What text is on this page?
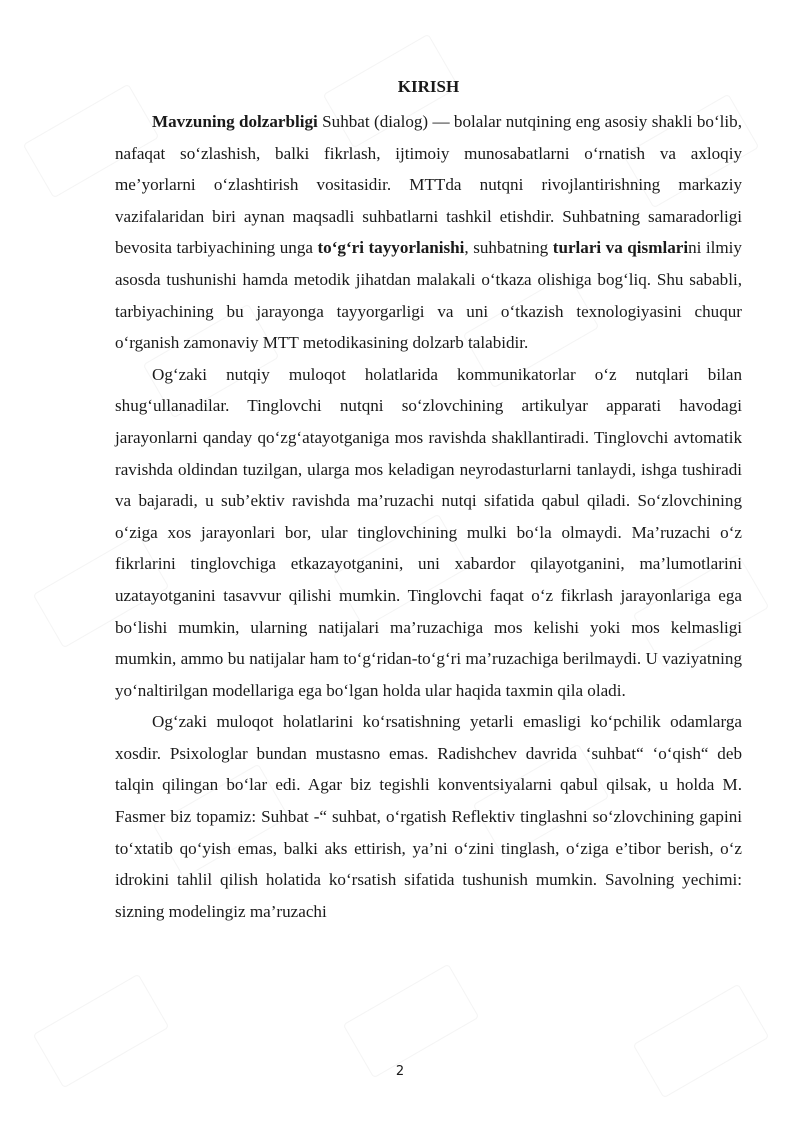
KIRISH

Mavzuning dolzarbligi Suhbat (dialog) — bolalar nutqining eng asosiy shakli bo‘lib, nafaqat so‘zlashish, balki fikrlash, ijtimoiy munosabatlarni o‘rnatish va axloqiy me’yorlarni o‘zlashtirish vositasidir. MTTda nutqni rivojlantirishning markaziy vazifalaridan biri aynan maqsadli suhbatlarni tashkil etishdir. Suhbatning samaradorligi bevosita tarbiyachining unga to‘g‘ri tayyorlanishi, suhbatning turlari va qismlarini ilmiy asosda tushunishi hamda metodik jihatdan malakali o‘tkaza olishiga bog‘liq. Shu sababli, tarbiyachining bu jarayonga tayyorgarligi va uni o‘tkazish texnologiyasini chuqur o‘rganish zamonaviy MTT metodikasining dolzarb talabidir.

Og‘zaki nutqiy muloqot holatlarida kommunikatorlar o‘z nutqlari bilan shug‘ullanadilar. Tinglovchi nutqni so‘zlovchining artikulyar apparati havodagi jarayonlarni qanday qo‘zg‘atayotganiga mos ravishda shakllantiradi. Tinglovchi avtomatik ravishda oldindan tuzilgan, ularga mos keladigan neyrodasturlarni tanlaydi, ishga tushiradi va bajaradi, u sub’ektiv ravishda ma’ruzachi nutqi sifatida qabul qiladi. So‘zlovchining o‘ziga xos jarayonlari bor, ular tinglovchining mulki bo‘la olmaydi. Ma’ruzachi o‘z fikrlarini tinglovchiga etkazayotganini, uni xabardor qilayotganini, ma’lumotlarini uzatayotganini tasavvur qilishi mumkin. Tinglovchi faqat o‘z fikrlash jarayonlariga ega bo‘lishi mumkin, ularning natijalari ma’ruzachiga mos kelishi yoki mos kelmasligi mumkin, ammo bu natijalar ham to‘g‘ridan-to‘g‘ri ma’ruzachiga berilmaydi. U vaziyatning yo‘naltirilgan modellariga ega bo‘lgan holda ular haqida taxmin qila oladi.

Og‘zaki muloqot holatlarini ko‘rsatishning yetarli emasligi ko‘pchilik odamlarga xosdir. Psixologlar bundan mustasno emas. Radishchev davrida ‘suhbat“ ‘o‘qish“ deb talqin qilingan bo‘lar edi. Agar biz tegishli konventsiyalarni qabul qilsak, u holda M. Fasmer biz topamiz: Suhbat -“ suhbat, o‘rgatish Reflektiv tinglashni so‘zlovchining gapini to‘xtatib qo‘yish emas, balki aks ettirish, ya’ni o‘zini tinglash, o‘ziga e’tibor berish, o‘z idrokini tahlil qilish holatida ko‘rsatish sifatida tushunish mumkin. Savolning yechimi: sizning modelingiz ma’ruzachi

2
